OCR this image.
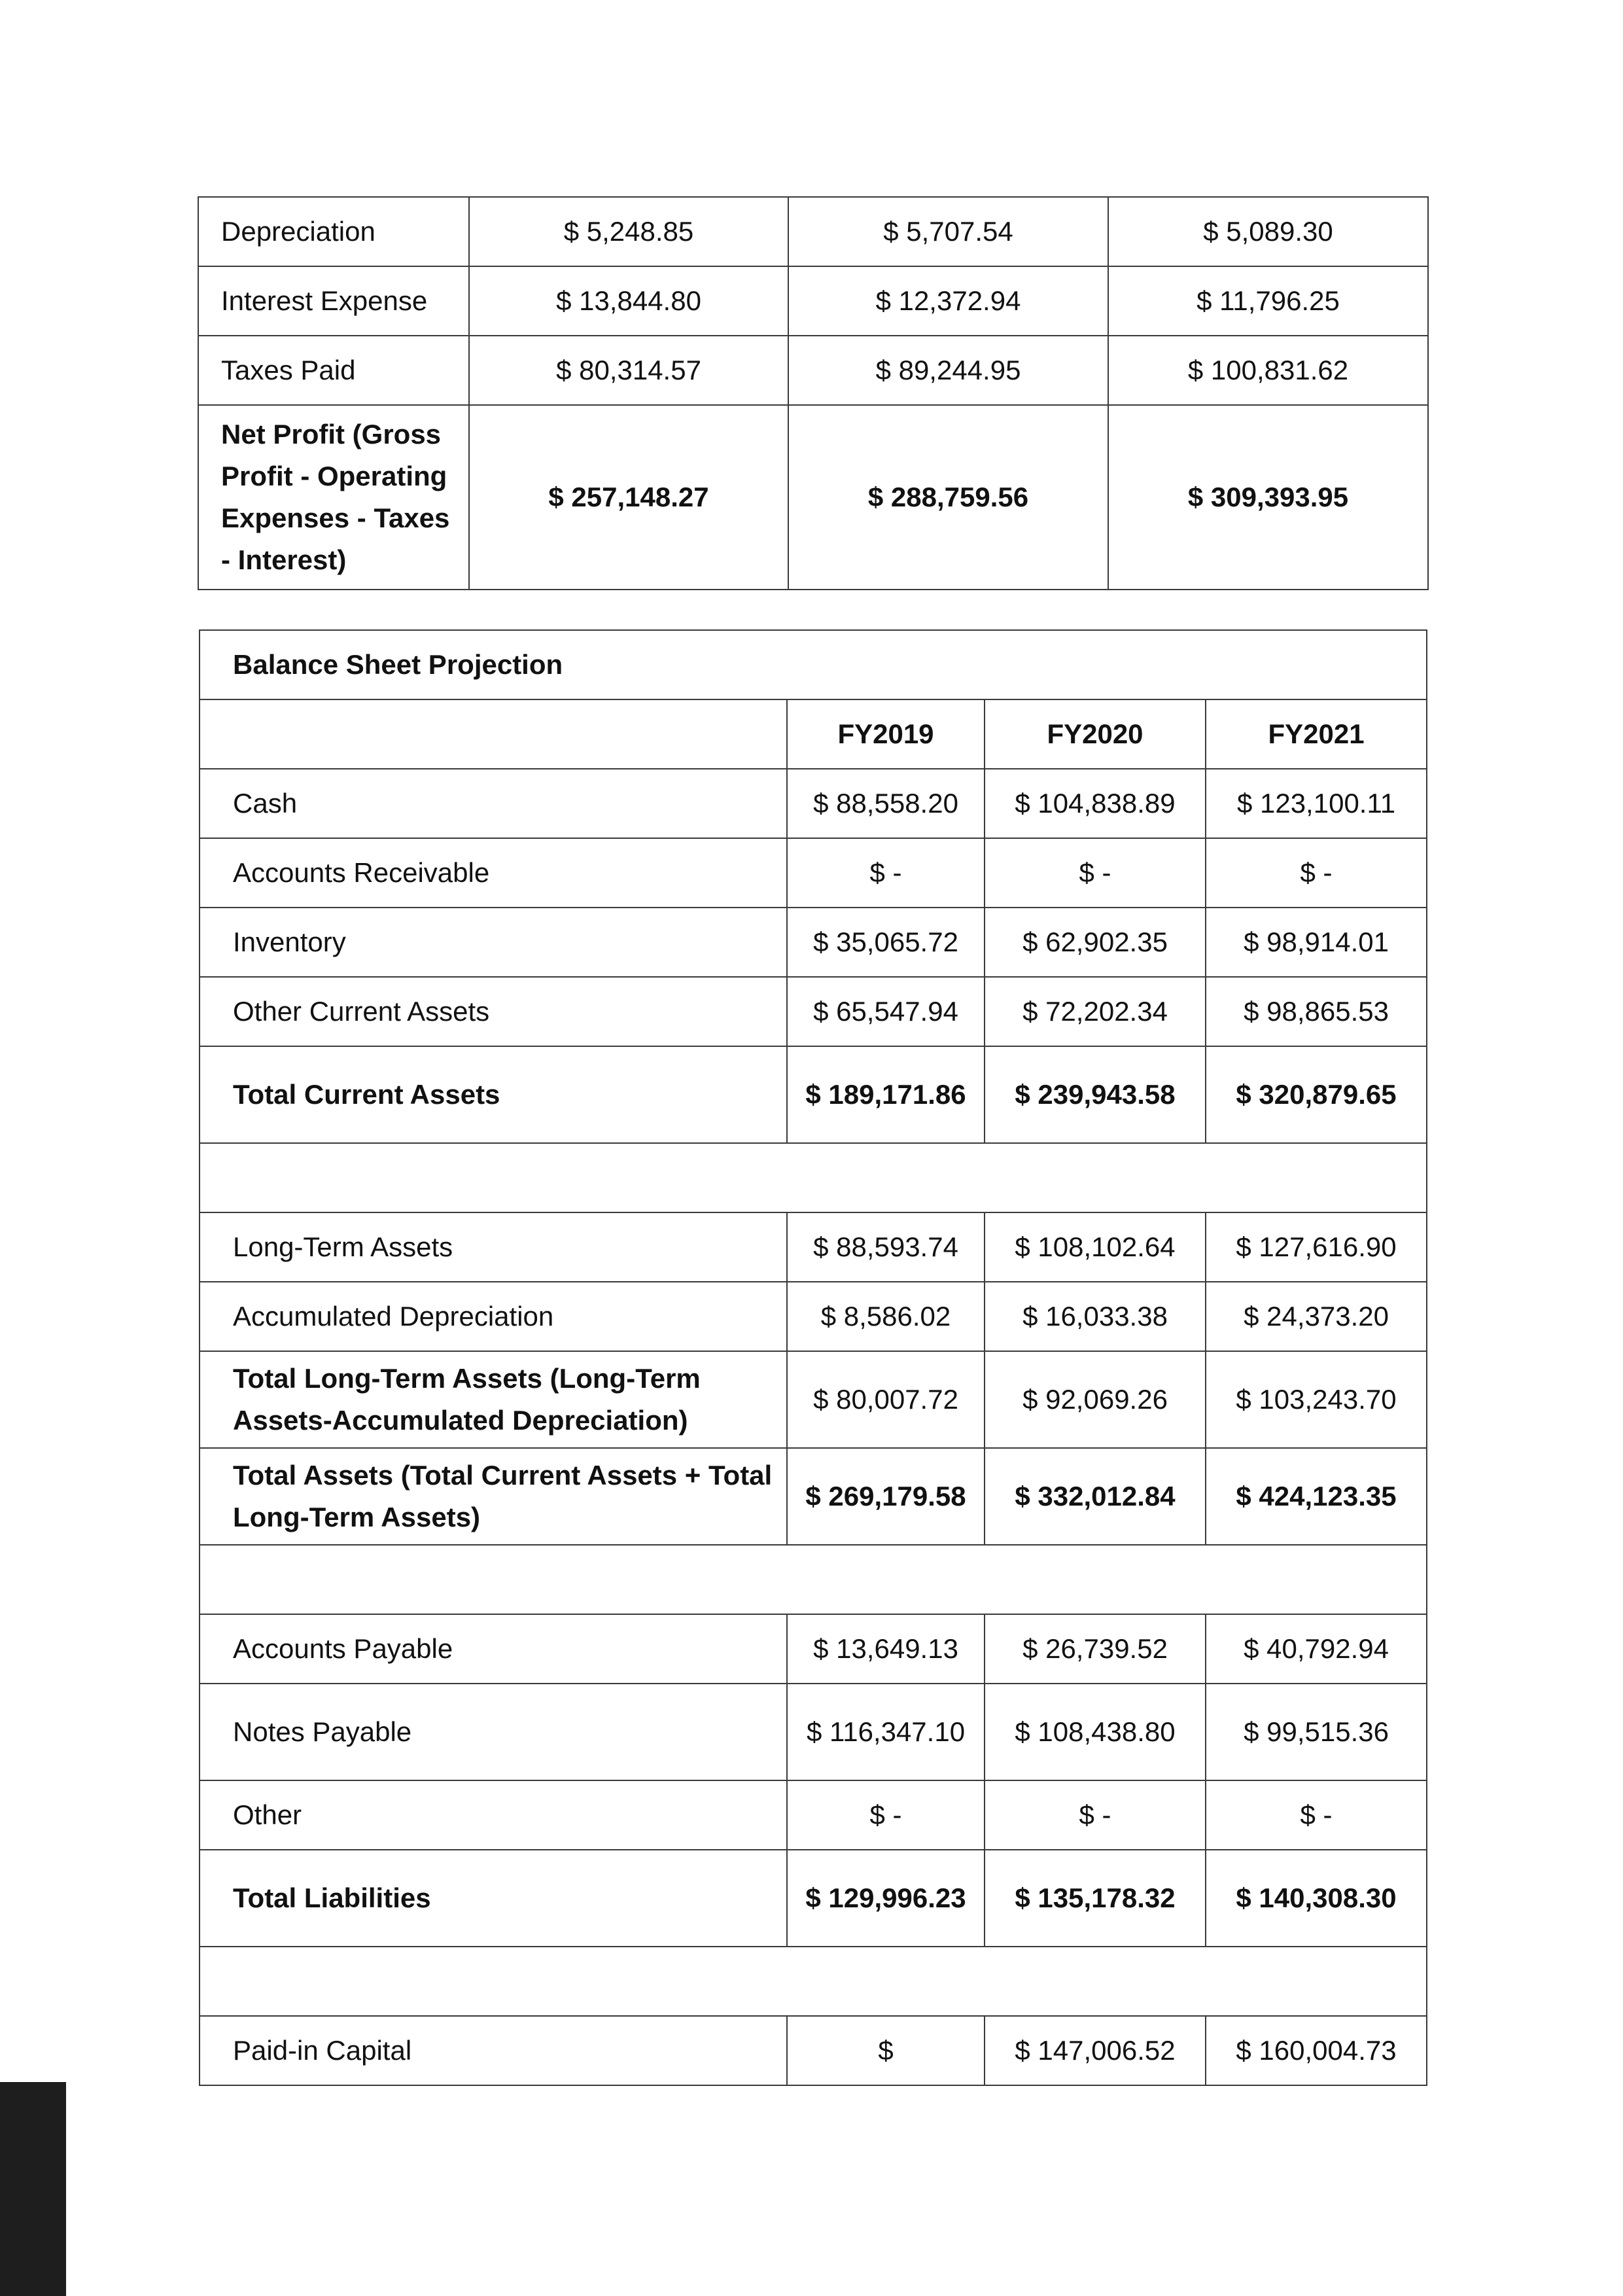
Depreciation	$ 5,248.85	$ 5,707.54	$ 5,089.30
Interest Expense	$ 13,844.80	$ 12,372.94	$ 11,796.25
Taxes Paid	$ 80,314.57	$ 89,244.95	$ 100,831.62
Net Profit (Gross Profit - Operating Expenses - Taxes - Interest)	$ 257,148.27	$ 288,759.56	$ 309,393.95
Balance Sheet Projection			
	FY2019	FY2020	FY2021
Cash	$ 88,558.20	$ 104,838.89	$ 123,100.11
Accounts Receivable	$ -	$ -	$ -
Inventory	$ 35,065.72	$ 62,902.35	$ 98,914.01
Other Current Assets	$ 65,547.94	$ 72,202.34	$ 98,865.53
Total Current Assets	$ 189,171.86	$ 239,943.58	$ 320,879.65

Long-Term Assets	$ 88,593.74	$ 108,102.64	$ 127,616.90
Accumulated Depreciation	$ 8,586.02	$ 16,033.38	$ 24,373.20
Total Long-Term Assets (Long-Term Assets-Accumulated Depreciation)	$ 80,007.72	$ 92,069.26	$ 103,243.70
Total Assets (Total Current Assets + Total Long-Term Assets)	$ 269,179.58	$ 332,012.84	$ 424,123.35

Accounts Payable	$ 13,649.13	$ 26,739.52	$ 40,792.94
Notes Payable	$ 116,347.10	$ 108,438.80	$ 99,515.36
Other	$ -	$ -	$ -
Total Liabilities	$ 129,996.23	$ 135,178.32	$ 140,308.30

Paid-in Capital	$	$ 147,006.52	$ 160,004.73
